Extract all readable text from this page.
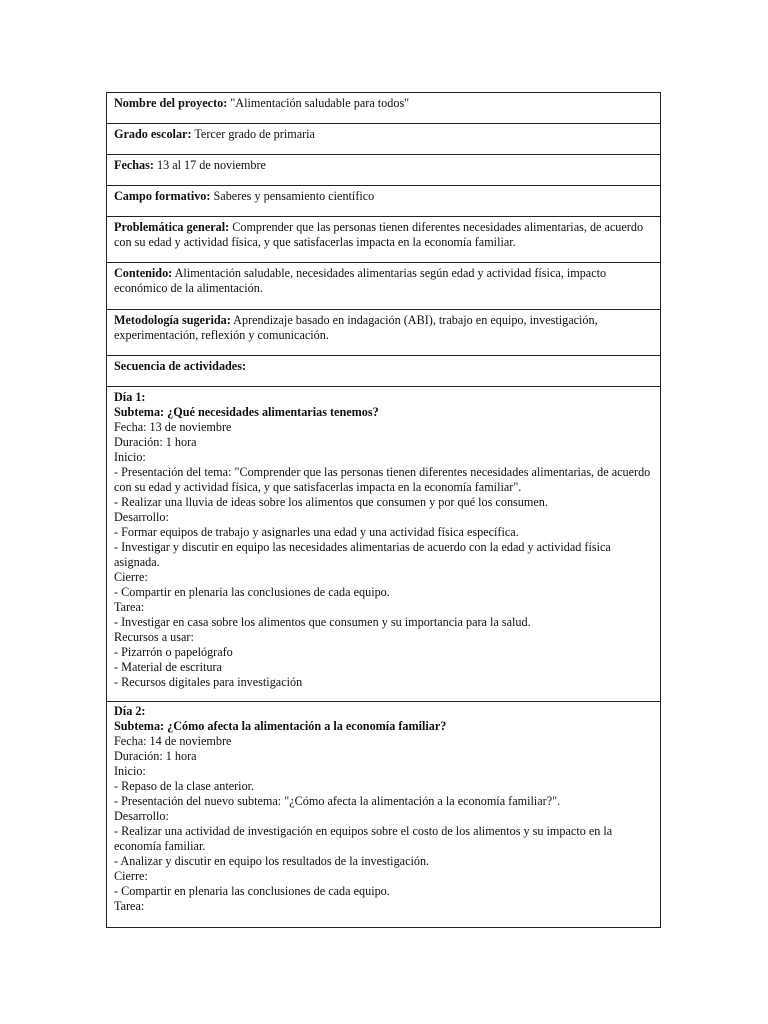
Nombre del proyecto: "Alimentación saludable para todos"
Grado escolar: Tercer grado de primaria
Fechas: 13 al 17 de noviembre
Campo formativo: Saberes y pensamiento científico
Problemática general: Comprender que las personas tienen diferentes necesidades alimentarias, de acuerdo con su edad y actividad física, y que satisfacerlas impacta en la economía familiar.
Contenido: Alimentación saludable, necesidades alimentarias según edad y actividad física, impacto económico de la alimentación.
Metodología sugerida: Aprendizaje basado en indagación (ABI), trabajo en equipo, investigación, experimentación, reflexión y comunicación.
Secuencia de actividades:
Día 1:
Subtema: ¿Qué necesidades alimentarias tenemos?
Fecha: 13 de noviembre
Duración: 1 hora
Inicio:
- Presentación del tema: "Comprender que las personas tienen diferentes necesidades alimentarias, de acuerdo con su edad y actividad física, y que satisfacerlas impacta en la economía familiar".
- Realizar una lluvia de ideas sobre los alimentos que consumen y por qué los consumen.
Desarrollo:
- Formar equipos de trabajo y asignarles una edad y una actividad física específica.
- Investigar y discutir en equipo las necesidades alimentarias de acuerdo con la edad y actividad física asignada.
Cierre:
- Compartir en plenaria las conclusiones de cada equipo.
Tarea:
- Investigar en casa sobre los alimentos que consumen y su importancia para la salud.
Recursos a usar:
- Pizarrón o papelógrafo
- Material de escritura
- Recursos digitales para investigación
Día 2:
Subtema: ¿Cómo afecta la alimentación a la economía familiar?
Fecha: 14 de noviembre
Duración: 1 hora
Inicio:
- Repaso de la clase anterior.
- Presentación del nuevo subtema: "¿Cómo afecta la alimentación a la economía familiar?".
Desarrollo:
- Realizar una actividad de investigación en equipos sobre el costo de los alimentos y su impacto en la economía familiar.
- Analizar y discutir en equipo los resultados de la investigación.
Cierre:
- Compartir en plenaria las conclusiones de cada equipo.
Tarea:
